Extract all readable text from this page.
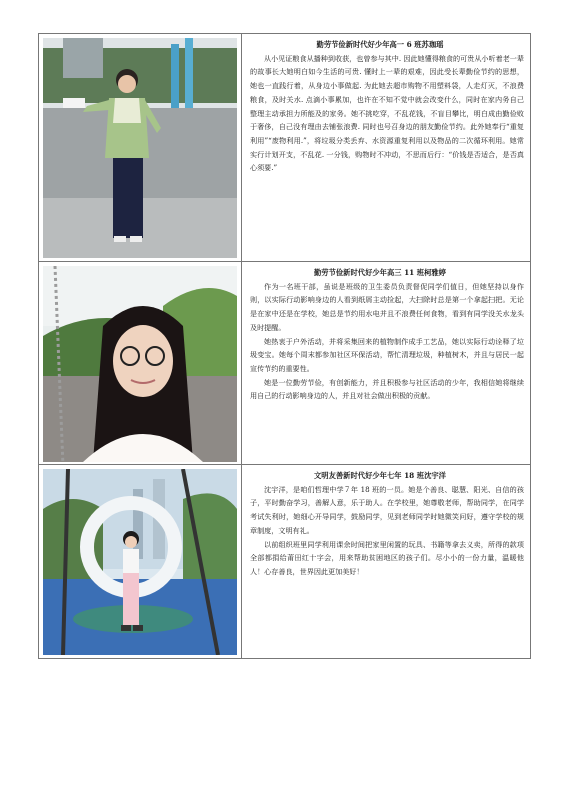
勤劳节俭新时代好少年高一 6 班苏珈瑶

从小见证粮食从播种到收获，也曾参与其中. 因此她懂得粮食的可贵从小听着老一辈的故事长大她明白如今生活的可贵. 懂时上一辈的艰难，因此受长辈勤俭节约的思想，她也一直践行着，从身边小事做起. 为此她去超市购物不用塑料袋，人走灯灭，不浪费粮食，及时关水. 点滴小事累加，也许在不知不觉中就会改变什么，同时在家内务自己整理主动承担力所能及的家务。她不挑吃穿，不乱花钱，不盲目攀比，明白成由勤俭败于奢侈，自己没有理由去铺张浪费. 同时也号召身边的朋友勤俭节约。此外她奉行“重复利用”“废物利用.”，将垃圾分类丢弃、水资源重复利用以及物品的二次循环利用。她常实行计划开支，不乱花. 一分钱，购物时不冲动，不思而后行：“价钱是否适合，是否真心须要.”

勤劳节俭新时代好少年高三 11 班柯雅婷

作为一名班干部，虽说是班级的卫生委员负责督促同学们值日，但她坚持以身作则，以实际行动影响身边的人看到纸屑主动捡起，大扫除时总是第一个拿起扫把。无论是在家中还是在学校，她总是节约用水电并且不浪费任何食物，看到有同学没关水龙头及时提醒。

她热衷于户外活动，并将采集回来的植物制作成手工艺品，她以实际行动诠释了垃圾变宝。她每个周末都参加社区环保活动，帮忙清理垃圾，种植树木，并且与居民一起宣传节约的重要性。

她是一位勤劳节俭，有创新能力，并且积极参与社区活动的少年，我相信她将继续用自己的行动影响身边的人，并且对社会做出积极的贡献。

文明友善新时代好少年七年 18 班沈宇洋

沈宇洋，是咱们哲理中学７年 18 班的一员。她是个善良、聪慧、阳光、自信的孩子，平时勤奋学习，善解人意，乐于助人。在学校里，她尊敬老师，帮助同学，在同学考试失利时，她细心开导同学，鼓励同学，见到老师同学时她微笑问好，遵守学校的规章制度，文明有礼。

以前组织班里同学利用课余时间把家里闲置的玩具、书籍等拿去义卖，所得的款项全部都捐给莆田红十字会，用来帮助贫困地区的孩子们。尽小小的一份力量，温暖他人！心存善良，世界因此更加美好！
